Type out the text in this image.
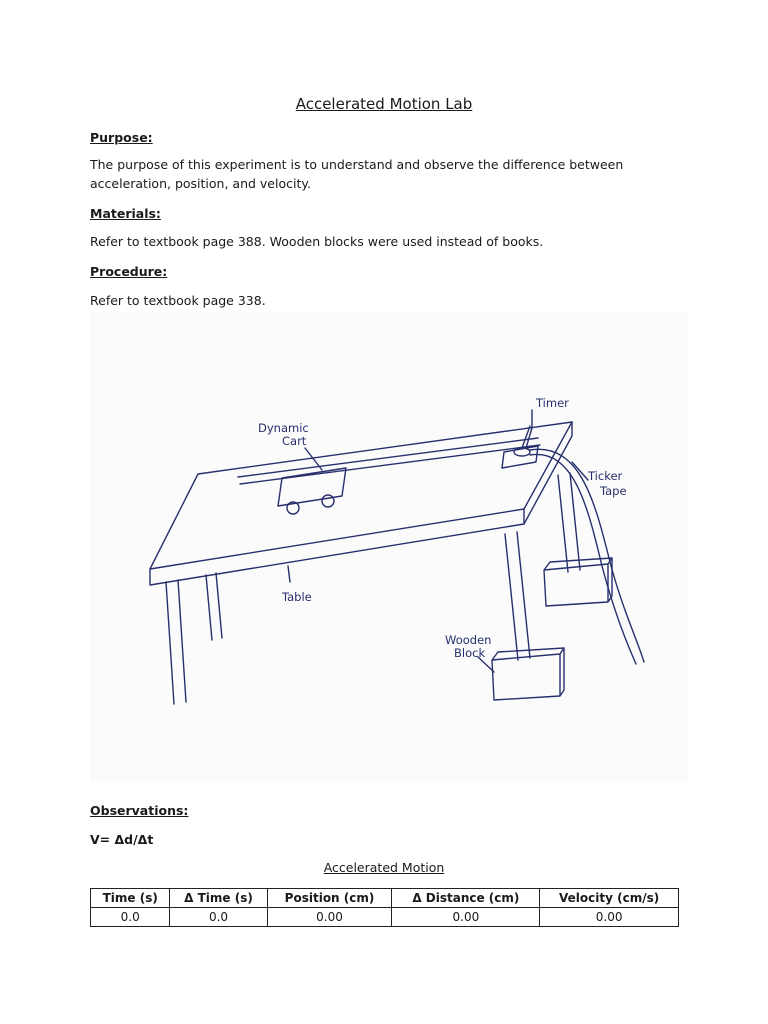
Accelerated Motion Lab
Purpose:
The purpose of this experiment is to understand and observe the difference between acceleration, position, and velocity.
Materials:
Refer to textbook page 388. Wooden blocks were used instead of books.
Procedure:
Refer to textbook page 338.
Timer
Dynamic
Cart
Ticker
Tape
Table
Wooden
Block
Observations:
V= Δd/Δt
Accelerated Motion
Time (s)	Δ Time (s)	Position (cm)	Δ Distance (cm)	Velocity (cm/s)
0.0	0.0	0.00	0.00	0.00
